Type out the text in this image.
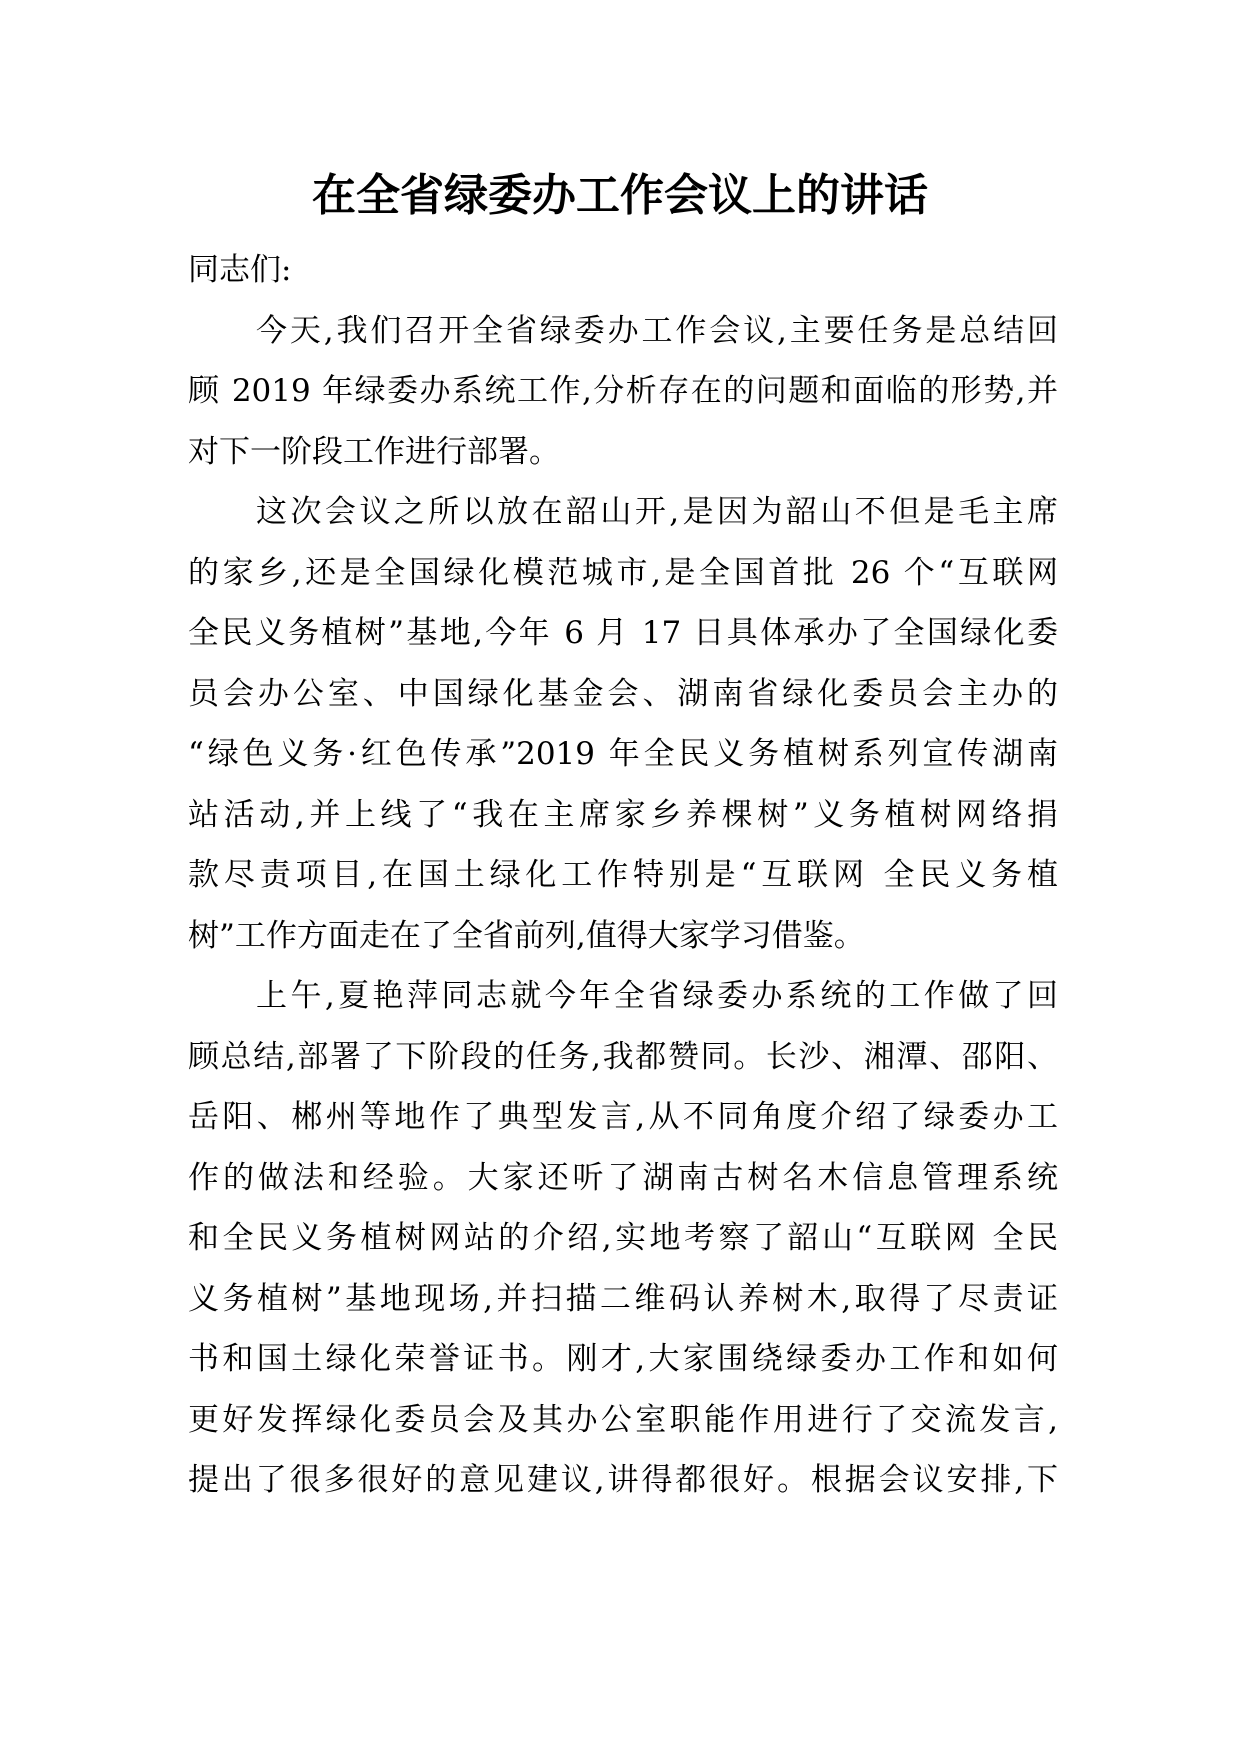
在全省绿委办工作会议上的讲话
同志们:
今天,我们召开全省绿委办工作会议,主要任务是总结回
顾 2019 年绿委办系统工作,分析存在的问题和面临的形势,并
对下一阶段工作进行部署。
这次会议之所以放在韶山开,是因为韶山不但是毛主席
的家乡,还是全国绿化模范城市,是全国首批 26 个“互联网
全民义务植树”基地,今年 6 月 17 日具体承办了全国绿化委
员会办公室、中国绿化基金会、湖南省绿化委员会主办的
“绿色义务·红色传承”2019 年全民义务植树系列宣传湖南
站活动,并上线了“我在主席家乡养棵树”义务植树网络捐
款尽责项目,在国土绿化工作特别是“互联网 全民义务植
树”工作方面走在了全省前列,值得大家学习借鉴。
上午,夏艳萍同志就今年全省绿委办系统的工作做了回
顾总结,部署了下阶段的任务,我都赞同。长沙、湘潭、邵阳、
岳阳、郴州等地作了典型发言,从不同角度介绍了绿委办工
作的做法和经验。大家还听了湖南古树名木信息管理系统
和全民义务植树网站的介绍,实地考察了韶山“互联网 全民
义务植树”基地现场,并扫描二维码认养树木,取得了尽责证
书和国土绿化荣誉证书。刚才,大家围绕绿委办工作和如何
更好发挥绿化委员会及其办公室职能作用进行了交流发言,
提出了很多很好的意见建议,讲得都很好。根据会议安排,下
